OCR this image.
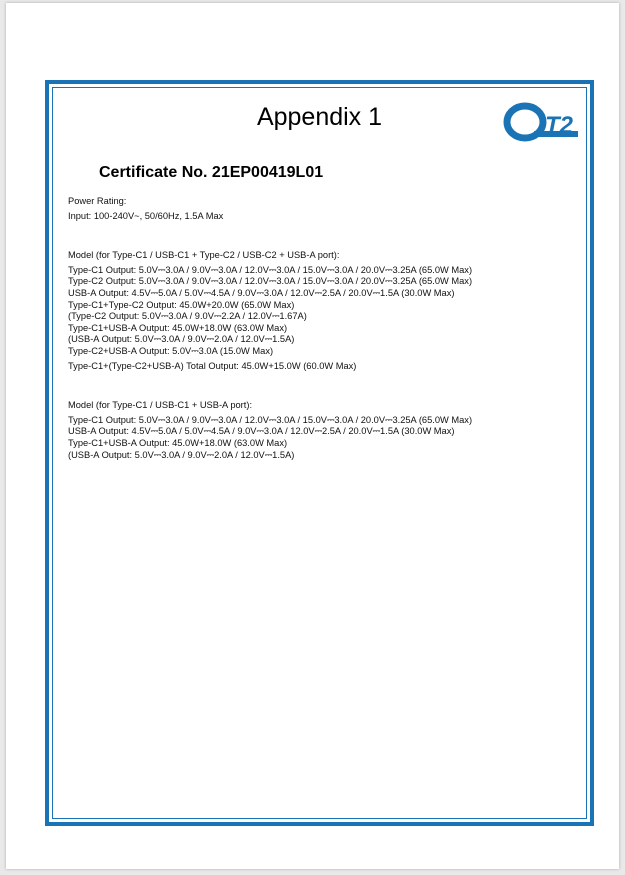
Appendix 1	T2
Certificate No. 21EP00419L01
Power Rating:
Input: 100-240V~, 50/60Hz, 1.5A Max
Model (for Type-C1 / USB-C1 + Type-C2 / USB-C2 + USB-A port):
Type-C1 Output: 5.0V⎓3.0A / 9.0V⎓3.0A / 12.0V⎓3.0A / 15.0V⎓3.0A / 20.0V⎓3.25A (65.0W Max)
Type-C2 Output: 5.0V⎓3.0A / 9.0V⎓3.0A / 12.0V⎓3.0A / 15.0V⎓3.0A / 20.0V⎓3.25A (65.0W Max)
USB-A Output: 4.5V⎓5.0A / 5.0V⎓4.5A / 9.0V⎓3.0A / 12.0V⎓2.5A / 20.0V⎓1.5A (30.0W Max)
Type-C1+Type-C2 Output: 45.0W+20.0W (65.0W Max)
(Type-C2 Output: 5.0V⎓3.0A / 9.0V⎓2.2A / 12.0V⎓1.67A)
Type-C1+USB-A Output: 45.0W+18.0W (63.0W Max)
(USB-A Output: 5.0V⎓3.0A / 9.0V⎓2.0A / 12.0V⎓1.5A)
Type-C2+USB-A Output: 5.0V⎓3.0A (15.0W Max)
Type-C1+(Type-C2+USB-A) Total Output: 45.0W+15.0W (60.0W Max)
Model (for Type-C1 / USB-C1 + USB-A port):
Type-C1 Output: 5.0V⎓3.0A / 9.0V⎓3.0A / 12.0V⎓3.0A / 15.0V⎓3.0A / 20.0V⎓3.25A (65.0W Max)
USB-A Output: 4.5V⎓5.0A / 5.0V⎓4.5A / 9.0V⎓3.0A / 12.0V⎓2.5A / 20.0V⎓1.5A (30.0W Max)
Type-C1+USB-A Output: 45.0W+18.0W (63.0W Max)
(USB-A Output: 5.0V⎓3.0A / 9.0V⎓2.0A / 12.0V⎓1.5A)
